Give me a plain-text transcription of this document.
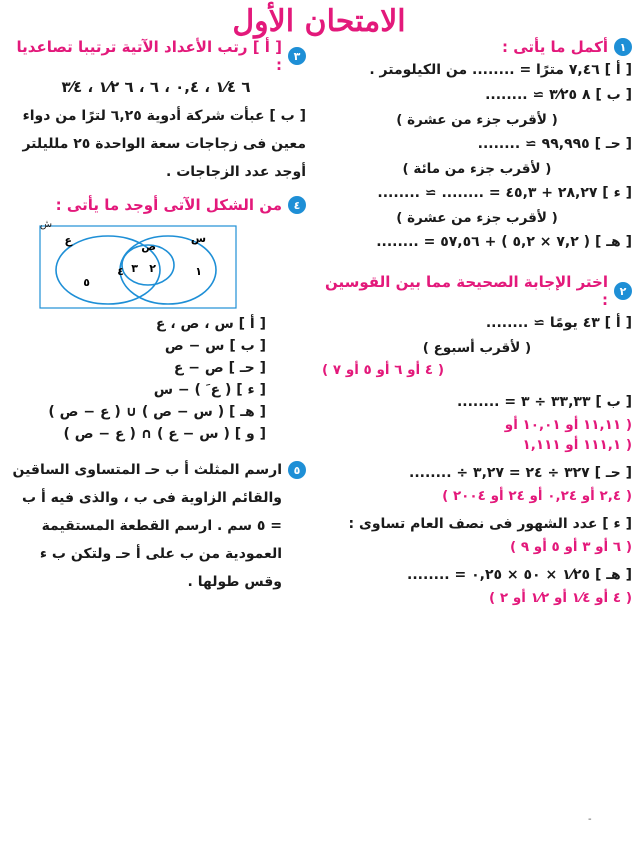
الامتحان الأول
١
أكمل ما يأتى :
[ أ ] ٧,٤٦ مترًا = ........ من الكيلومتر .
[ ب ] ٨ ٣⁄٢٥ ≃ ........
( لأقرب جزء من عشرة )
[ حـ ] ٩٩,٩٩٥ ≃ ........
( لأقرب جزء من مائة )
[ ء ] ٢٨,٢٧ + ٤٥,٣ = ........ ≃ ........
( لأقرب جزء من عشرة )
[ هـ ] ( ٧,٢ × ٥,٢ ) + ٥٧,٥٦ = ........
٢
اختر الإجابة الصحيحة مما بين القوسين :
[ أ ] ٤٣ يومًا ≃ ........
( لأقرب أسبوع )
( ٤ أو ٦ أو ٥ أو ٧ )
[ ب ] ٣٣,٣٣ ÷ ٣ = ........
( ١١,١١ أو ١٠,٠١ أو
( ١١١,١ أو ١,١١١
[ حـ ] ٣٢٧ ÷ ٢٤ = ٣,٢٧ ÷ ........
( ٢,٤ أو ٠,٢٤ أو ٢٤ أو ٢٠٠٤ )
[ ء ] عدد الشهور فى نصف العام تساوى :
( ٦ أو ٣ أو ٥ أو ٩ )
[ هـ ] ١⁄٢٥ × ٥٠ × ٠,٢٥ = ........
( ٤ أو ١⁄٤ أو ١⁄٢ أو ٢ )
٣
[ أ ] رتب الأعداد الآتية ترتيبا تصاعديا :
٦ ١⁄٤ ، ٠,٤ ، ٦ ، ٦ ١⁄٢ ، ٣⁄٤
[ ب ] عبأت شركة أدوية ٦,٢٥ لترًا من دواء معين فى زجاجات سعة الواحدة ٢٥ ملليلتر أوجد عدد الزجاجات .
٤
من الشكل الآتى أوجد ما يأتى :
ش
ع	س
ص
١
٢
٣
٤
٥
[ أ ] س ، ص ، ع
[ ب ] س − ص
[ حـ ] ص − ع
[ ء ] ( ع َ ) − س
[ هـ ] ( س − ص ) ∪ ( ع − ص )
[ و ] ( س − ع ) ∩ ( ع − ص )
٥
ارسم المثلث أ ب حـ المتساوى الساقين والقائم الزاوية فى ب ، والذى فيه أ ب = ٥ سم . ارسم القطعة المستقيمة العمودية من ب على أ حـ ولتكن ب ء وقس طولها .
-
